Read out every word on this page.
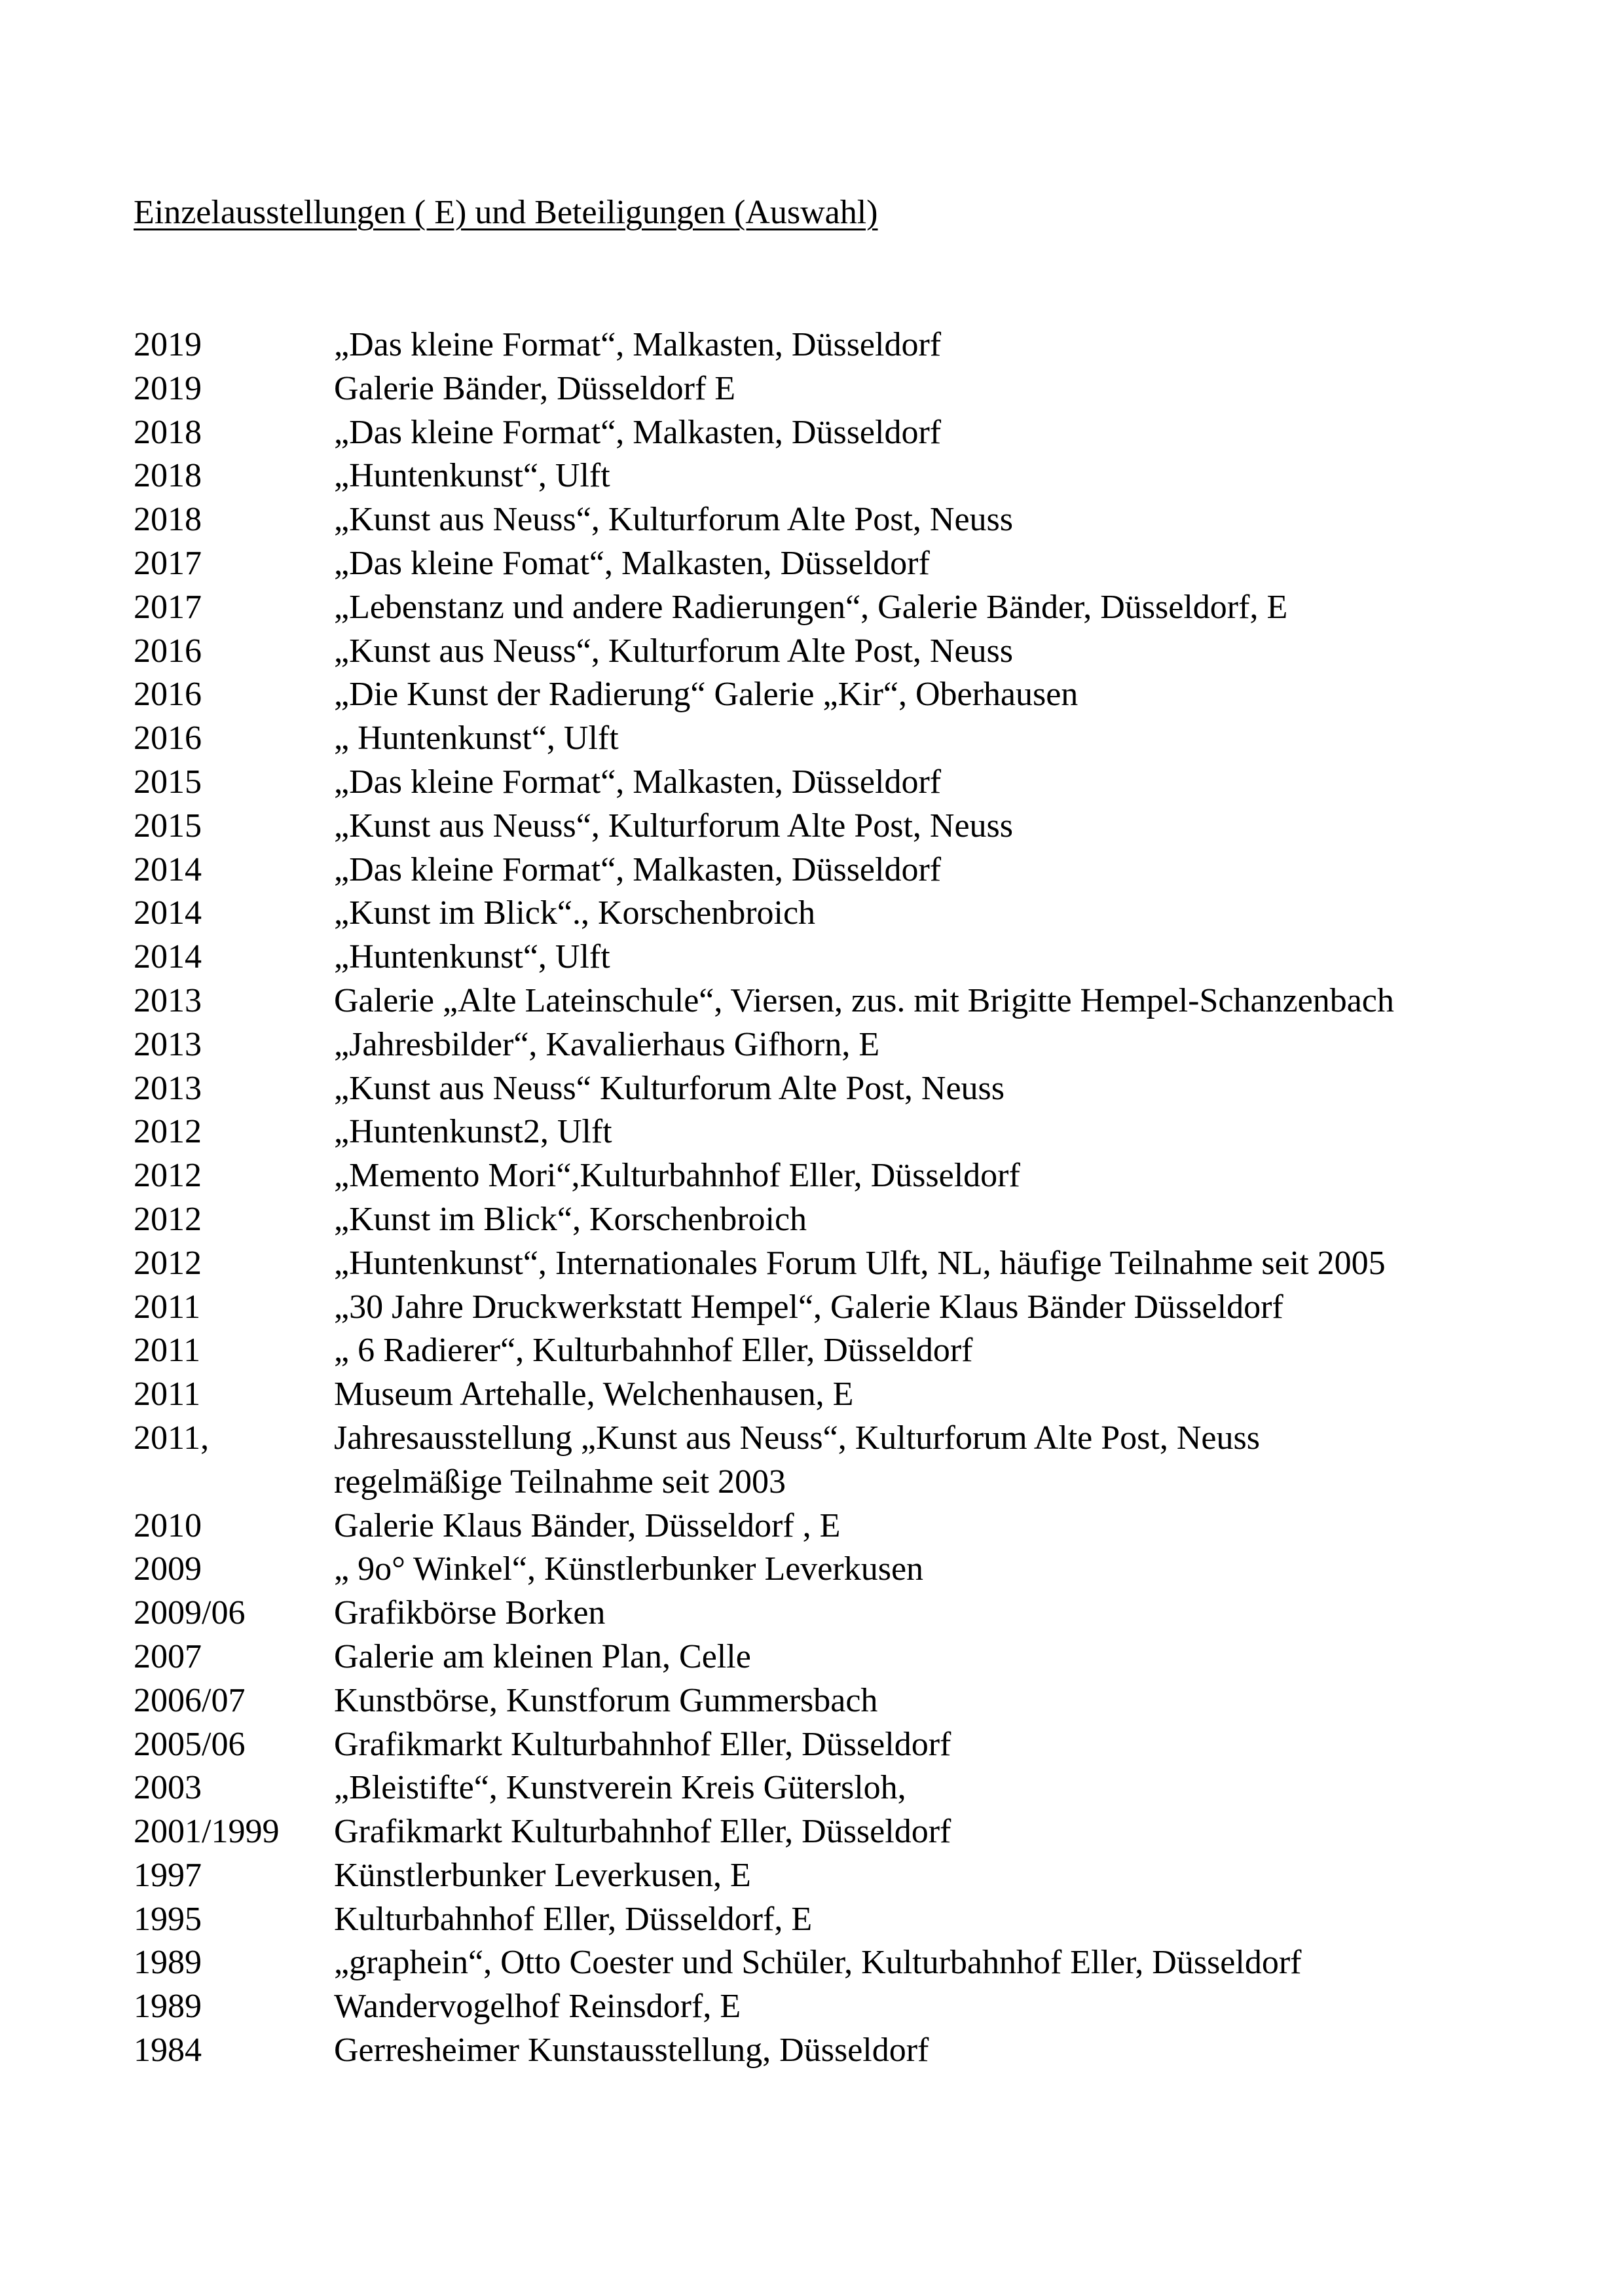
Einzelausstellungen ( E) und Beteiligungen (Auswahl)
2019	„Das kleine Format“, Malkasten, Düsseldorf
2019	Galerie Bänder, Düsseldorf E
2018	„Das kleine Format“, Malkasten, Düsseldorf
2018	„Huntenkunst“, Ulft
2018	„Kunst aus Neuss“, Kulturforum Alte Post, Neuss
2017	„Das kleine Fomat“, Malkasten, Düsseldorf
2017	„Lebenstanz und andere Radierungen“, Galerie Bänder, Düsseldorf, E
2016	„Kunst aus Neuss“, Kulturforum Alte Post, Neuss
2016	„Die Kunst der Radierung“ Galerie „Kir“, Oberhausen
2016	„ Huntenkunst“, Ulft
2015	„Das kleine Format“, Malkasten, Düsseldorf
2015	„Kunst aus Neuss“, Kulturforum Alte Post, Neuss
2014	„Das kleine Format“, Malkasten, Düsseldorf
2014	„Kunst im Blick“., Korschenbroich
2014	„Huntenkunst“, Ulft
2013	Galerie „Alte Lateinschule“, Viersen, zus. mit Brigitte Hempel-Schanzenbach
2013	„Jahresbilder“, Kavalierhaus Gifhorn, E
2013	„Kunst aus Neuss“ Kulturforum Alte Post, Neuss
2012	„Huntenkunst2, Ulft
2012	„Memento Mori“,Kulturbahnhof Eller, Düsseldorf
2012	„Kunst im Blick“, Korschenbroich
2012	„Huntenkunst“, Internationales Forum Ulft, NL, häufige Teilnahme seit 2005
2011	„30 Jahre Druckwerkstatt Hempel“, Galerie Klaus Bänder Düsseldorf
2011	„ 6 Radierer“, Kulturbahnhof Eller, Düsseldorf
2011	Museum Artehalle, Welchenhausen, E
2011,	Jahresausstellung „Kunst aus Neuss“, Kulturforum Alte Post, Neuss
regelmäßige Teilnahme seit 2003
2010	Galerie Klaus Bänder, Düsseldorf , E
2009	„ 9o° Winkel“, Künstlerbunker Leverkusen
2009/06	Grafikbörse Borken
2007	Galerie am kleinen Plan, Celle
2006/07	Kunstbörse, Kunstforum Gummersbach
2005/06	Grafikmarkt Kulturbahnhof Eller, Düsseldorf
2003	„Bleistifte“, Kunstverein Kreis Gütersloh,
2001/1999	Grafikmarkt Kulturbahnhof Eller, Düsseldorf
1997	Künstlerbunker Leverkusen, E
1995	Kulturbahnhof Eller, Düsseldorf, E
1989	„graphein“, Otto Coester und Schüler, Kulturbahnhof Eller, Düsseldorf
1989	Wandervogelhof Reinsdorf, E
1984	Gerresheimer Kunstausstellung, Düsseldorf
